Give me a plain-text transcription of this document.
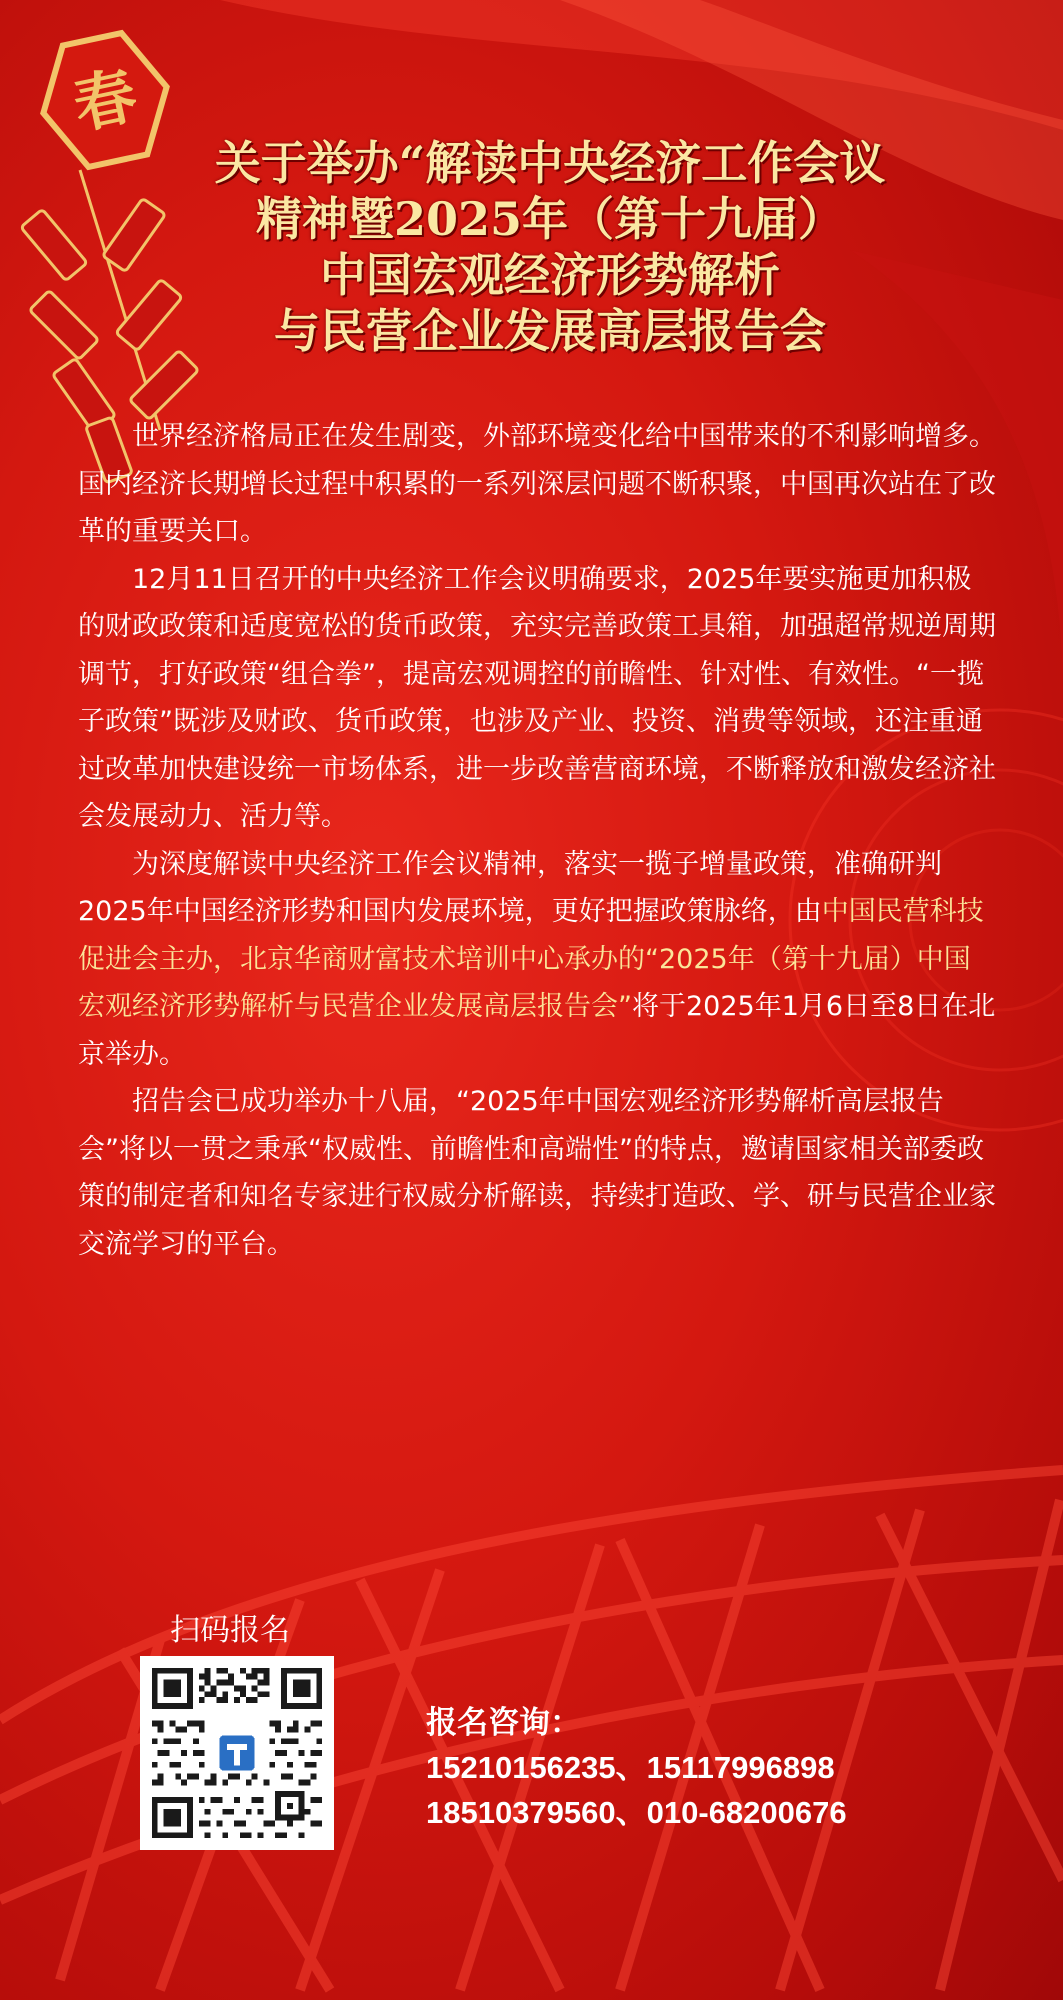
春
关于举办“解读中央经济工作会议
精神暨2025年（第十九届）
中国宏观经济形势解析
与民营企业发展高层报告会

世界经济格局正在发生剧变，外部环境变化给中国带来的不利影响增多。国内经济长期增长过程中积累的一系列深层问题不断积聚，中国再次站在了改革的重要关口。

12月11日召开的中央经济工作会议明确要求，2025年要实施更加积极的财政政策和适度宽松的货币政策，充实完善政策工具箱，加强超常规逆周期调节，打好政策“组合拳”，提高宏观调控的前瞻性、针对性、有效性。“一揽子政策”既涉及财政、货币政策，也涉及产业、投资、消费等领域，还注重通过改革加快建设统一市场体系，进一步改善营商环境，不断释放和激发经济社会发展动力、活力等。

为深度解读中央经济工作会议精神，落实一揽子增量政策，准确研判2025年中国经济形势和国内发展环境，更好把握政策脉络，由中国民营科技促进会主办，北京华商财富技术培训中心承办的“2025年（第十九届）中国宏观经济形势解析与民营企业发展高层报告会”将于2025年1月6日至8日在北京举办。

招告会已成功举办十八届，“2025年中国宏观经济形势解析高层报告会”将以一贯之秉承“权威性、前瞻性和高端性”的特点，邀请国家相关部委政策的制定者和知名专家进行权威分析解读，持续打造政、学、研与民营企业家交流学习的平台。

扫码报名
报名咨询：
15210156235、15117996898
18510379560、010-68200676
